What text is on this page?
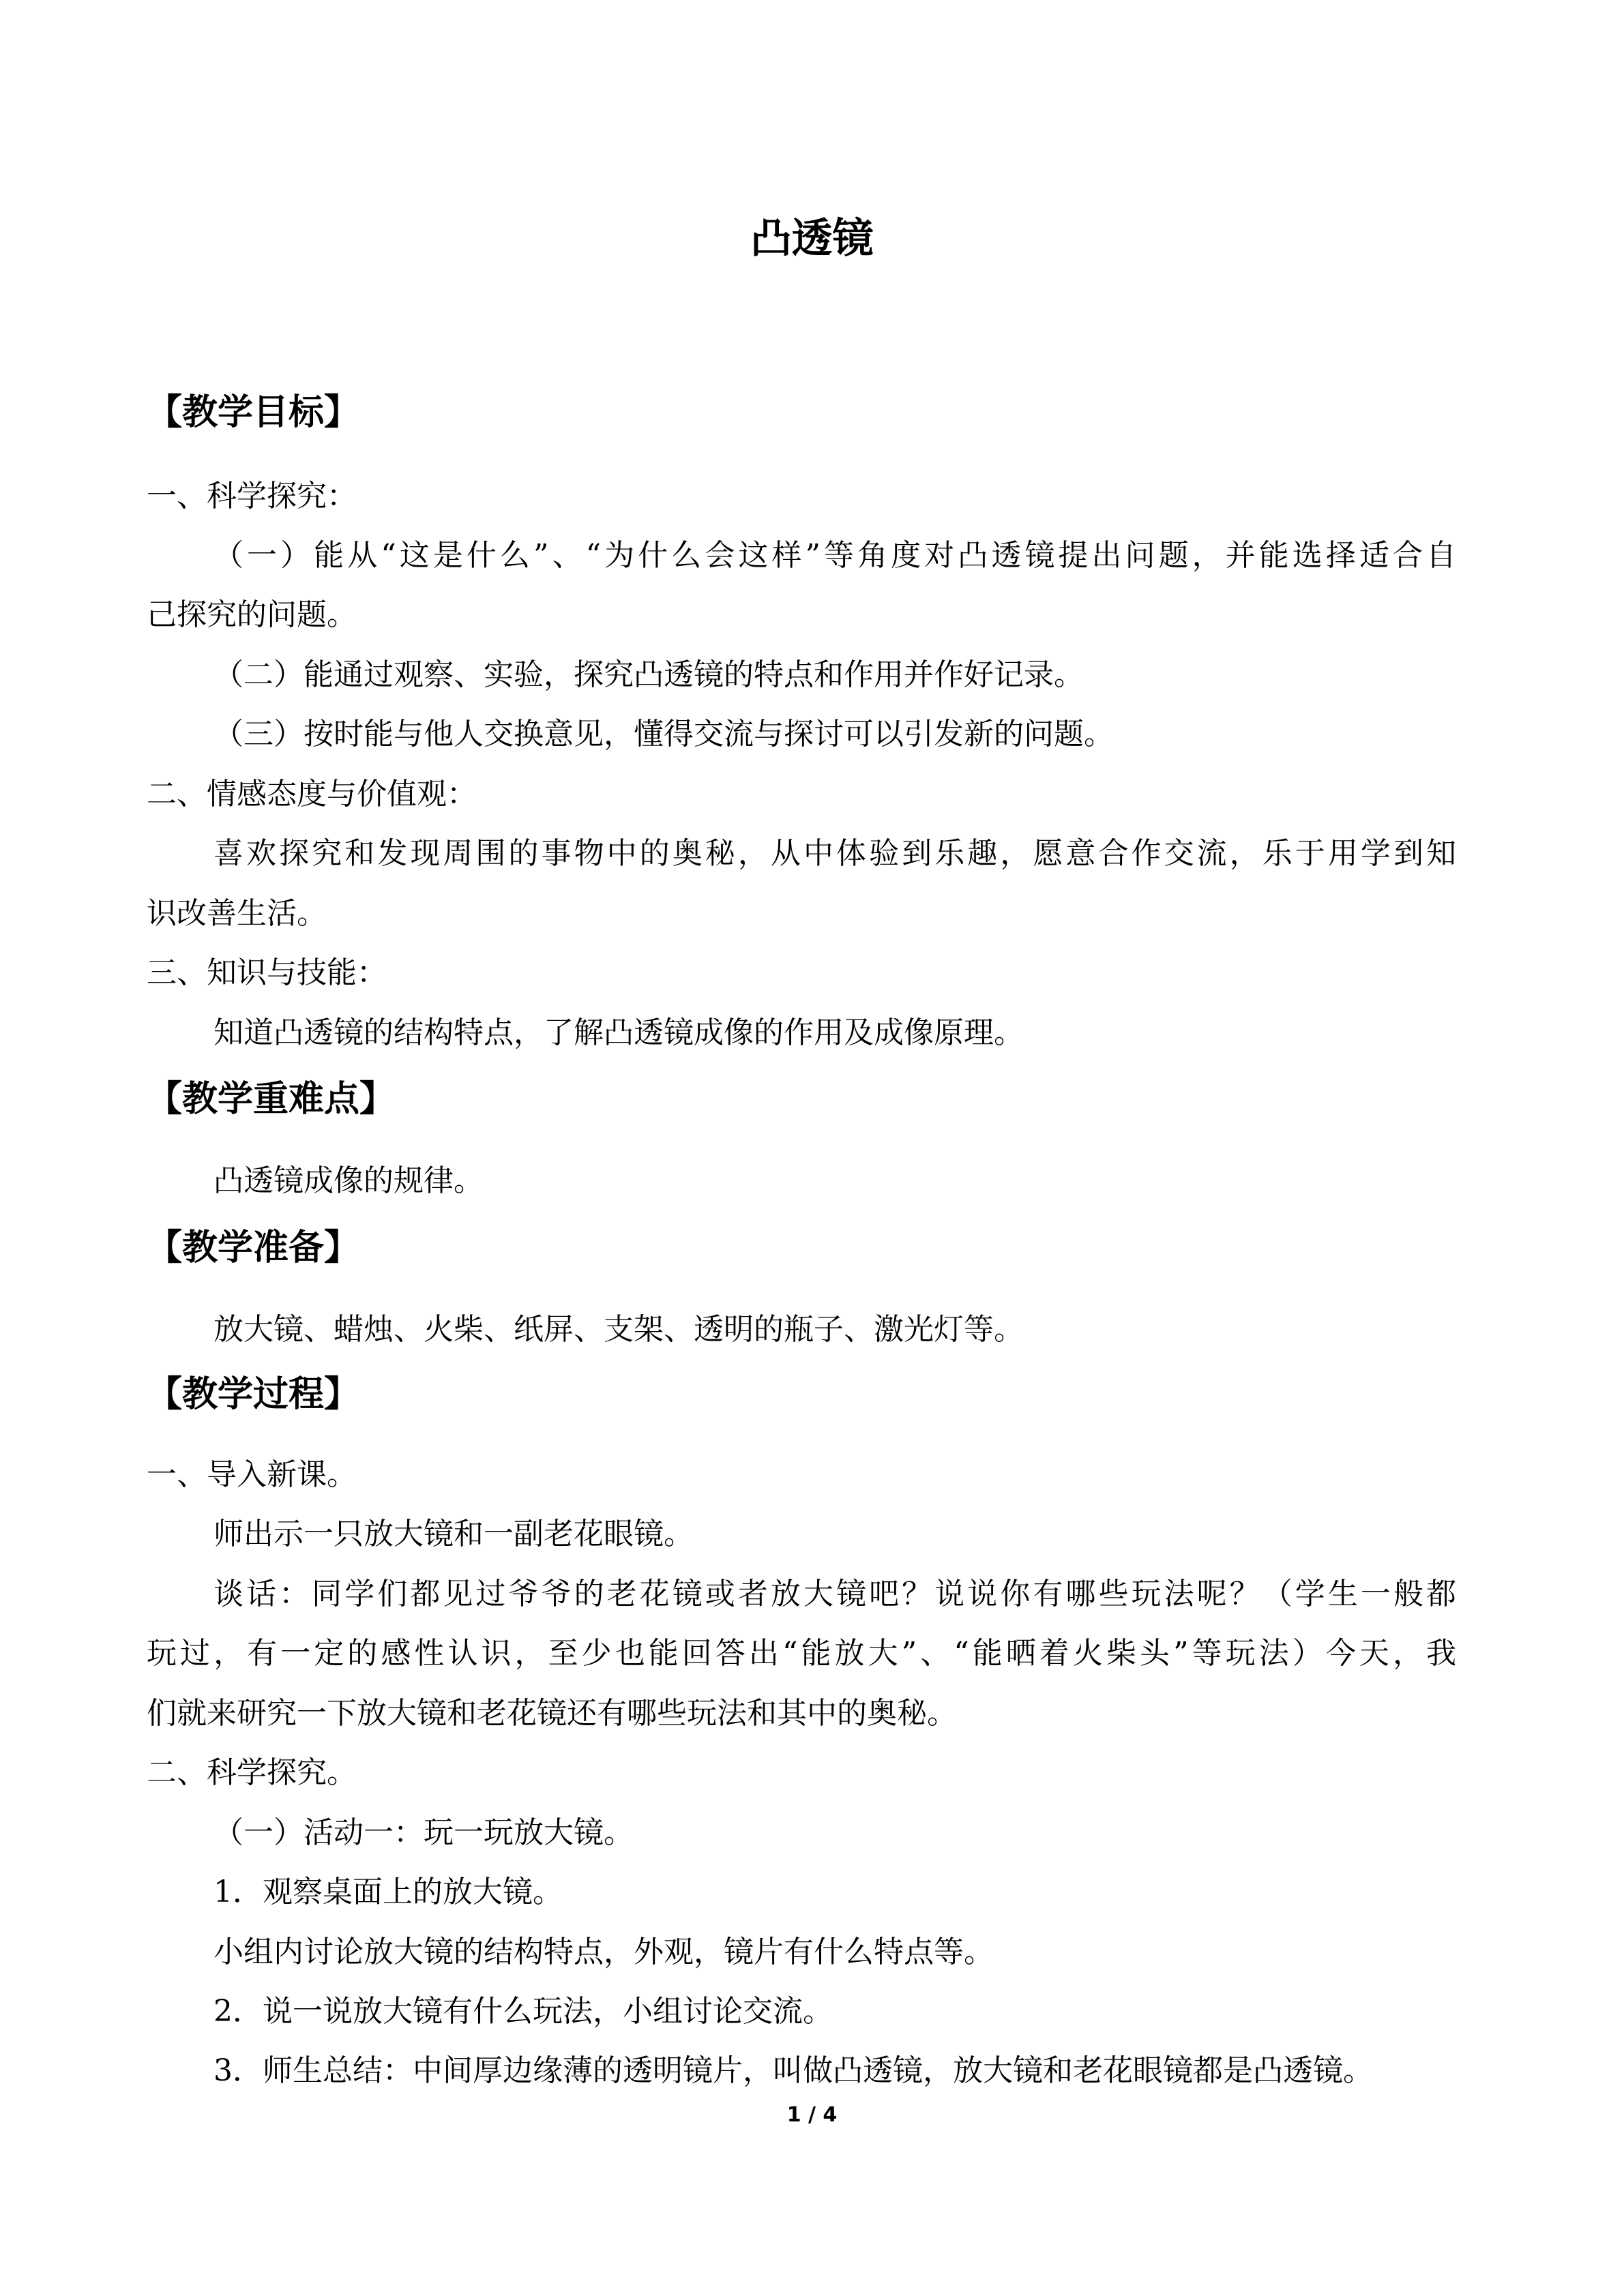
凸透镜
【教学目标】

一、科学探究：

（一）能从“这是什么”、“为什么会这样”等角度对凸透镜提出问题，并能选择适合自

己探究的问题。

（二）能通过观察、实验，探究凸透镜的特点和作用并作好记录。

（三）按时能与他人交换意见，懂得交流与探讨可以引发新的问题。

二、情感态度与价值观：

喜欢探究和发现周围的事物中的奥秘，从中体验到乐趣，愿意合作交流，乐于用学到知

识改善生活。

三、知识与技能：

知道凸透镜的结构特点，了解凸透镜成像的作用及成像原理。

【教学重难点】

凸透镜成像的规律。

【教学准备】

放大镜、蜡烛、火柴、纸屏、支架、透明的瓶子、激光灯等。

【教学过程】

一、导入新课。

师出示一只放大镜和一副老花眼镜。

谈话：同学们都见过爷爷的老花镜或者放大镜吧？说说你有哪些玩法呢？（学生一般都

玩过，有一定的感性认识，至少也能回答出“能放大”、“能晒着火柴头”等玩法）今天，我

们就来研究一下放大镜和老花镜还有哪些玩法和其中的奥秘。

二、科学探究。

（一）活动一：玩一玩放大镜。

1．观察桌面上的放大镜。

小组内讨论放大镜的结构特点，外观，镜片有什么特点等。

2．说一说放大镜有什么玩法，小组讨论交流。

3．师生总结：中间厚边缘薄的透明镜片，叫做凸透镜，放大镜和老花眼镜都是凸透镜。

1 / 4
